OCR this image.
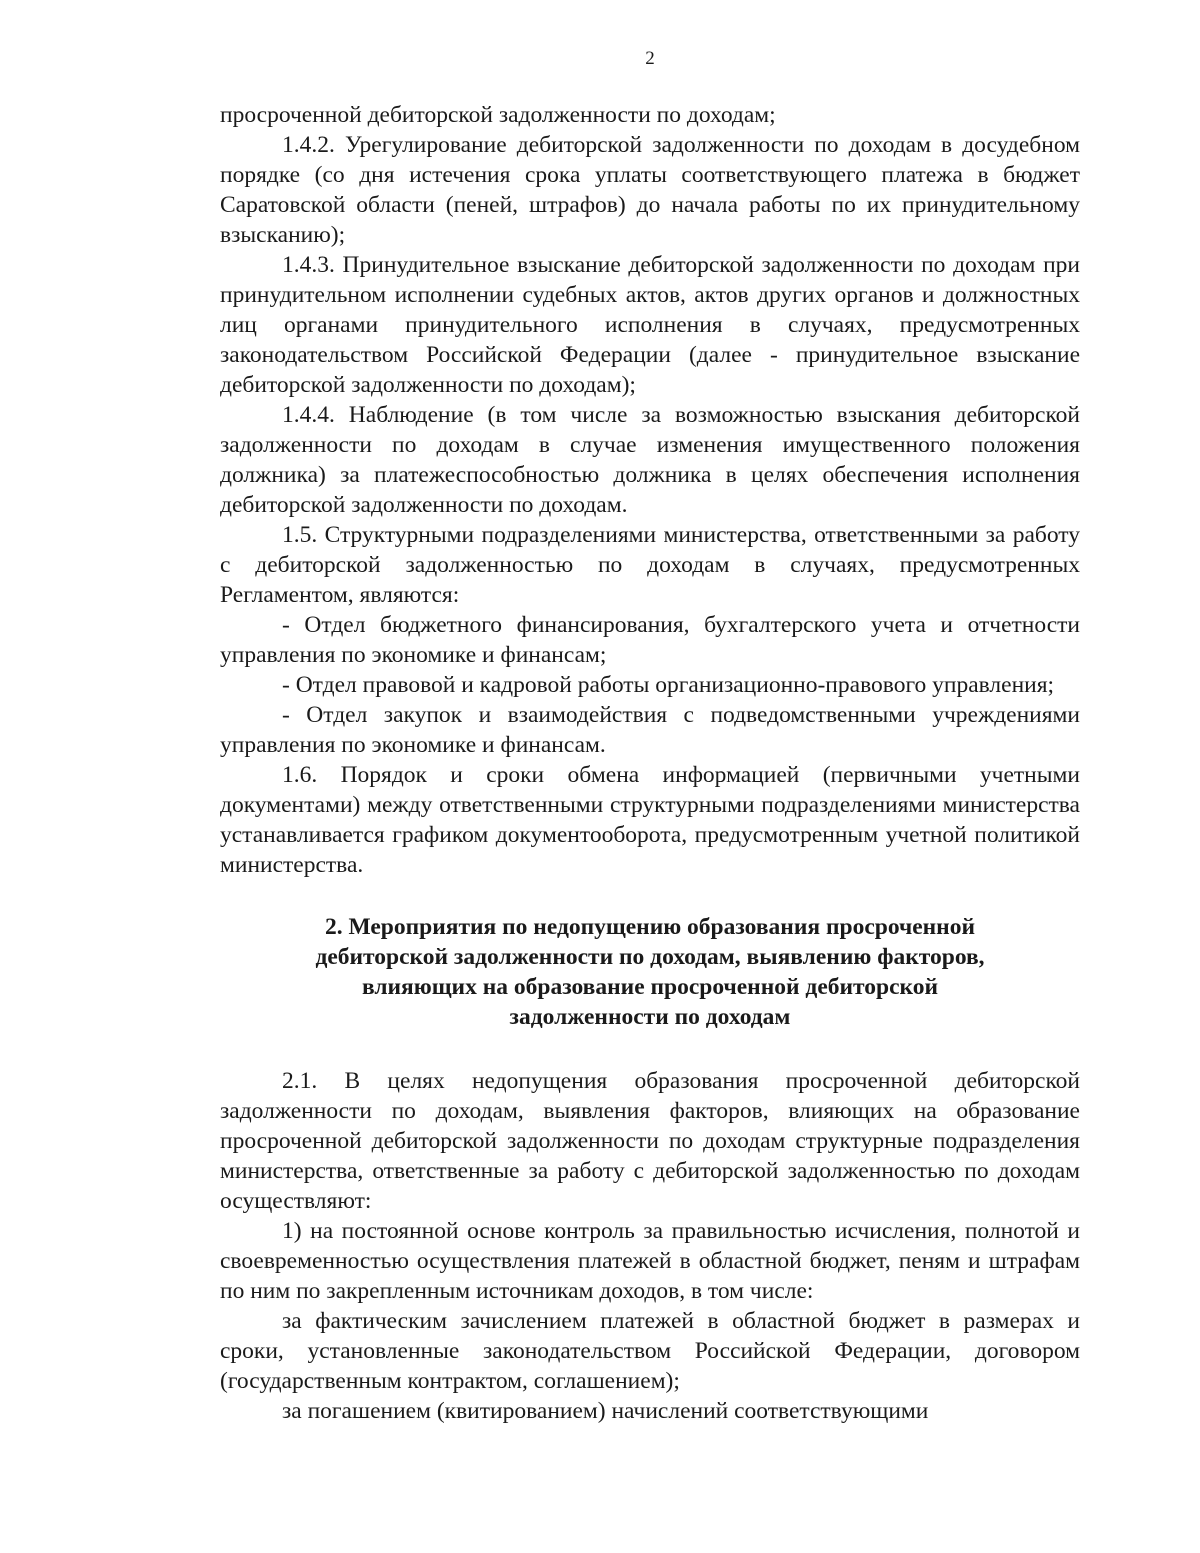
2

просроченной дебиторской задолженности по доходам;

1.4.2. Урегулирование дебиторской задолженности по доходам в досудебном порядке (со дня истечения срока уплаты соответствующего платежа в бюджет Саратовской области (пеней, штрафов) до начала работы по их принудительному взысканию);

1.4.3. Принудительное взыскание дебиторской задолженности по доходам при принудительном исполнении судебных актов, актов других органов и должностных лиц органами принудительного исполнения в случаях, предусмотренных законодательством Российской Федерации (далее - принудительное взыскание дебиторской задолженности по доходам);

1.4.4. Наблюдение (в том числе за возможностью взыскания дебиторской задолженности по доходам в случае изменения имущественного положения должника) за платежеспособностью должника в целях обеспечения исполнения дебиторской задолженности по доходам.

1.5. Структурными подразделениями министерства, ответственными за работу с дебиторской задолженностью по доходам в случаях, предусмотренных Регламентом, являются:

- Отдел бюджетного финансирования, бухгалтерского учета и отчетности управления по экономике и финансам;

- Отдел правовой и кадровой работы организационно-правового управления;

- Отдел закупок и взаимодействия с подведомственными учреждениями управления по экономике и финансам.

1.6. Порядок и сроки обмена информацией (первичными учетными документами) между ответственными структурными подразделениями министерства устанавливается графиком документооборота, предусмотренным учетной политикой министерства.

2. Мероприятия по недопущению образования просроченной
дебиторской задолженности по доходам, выявлению факторов,
влияющих на образование просроченной дебиторской
задолженности по доходам

2.1. В целях недопущения образования просроченной дебиторской задолженности по доходам, выявления факторов, влияющих на образование просроченной дебиторской задолженности по доходам структурные подразделения министерства, ответственные за работу с дебиторской задолженностью по доходам осуществляют:

1) на постоянной основе контроль за правильностью исчисления, полнотой и своевременностью осуществления платежей в областной бюджет, пеням и штрафам по ним по закрепленным источникам доходов, в том числе:

за фактическим зачислением платежей в областной бюджет в размерах и сроки, установленные законодательством Российской Федерации, договором (государственным контрактом, соглашением);

за погашением (квитированием) начислений соответствующими
